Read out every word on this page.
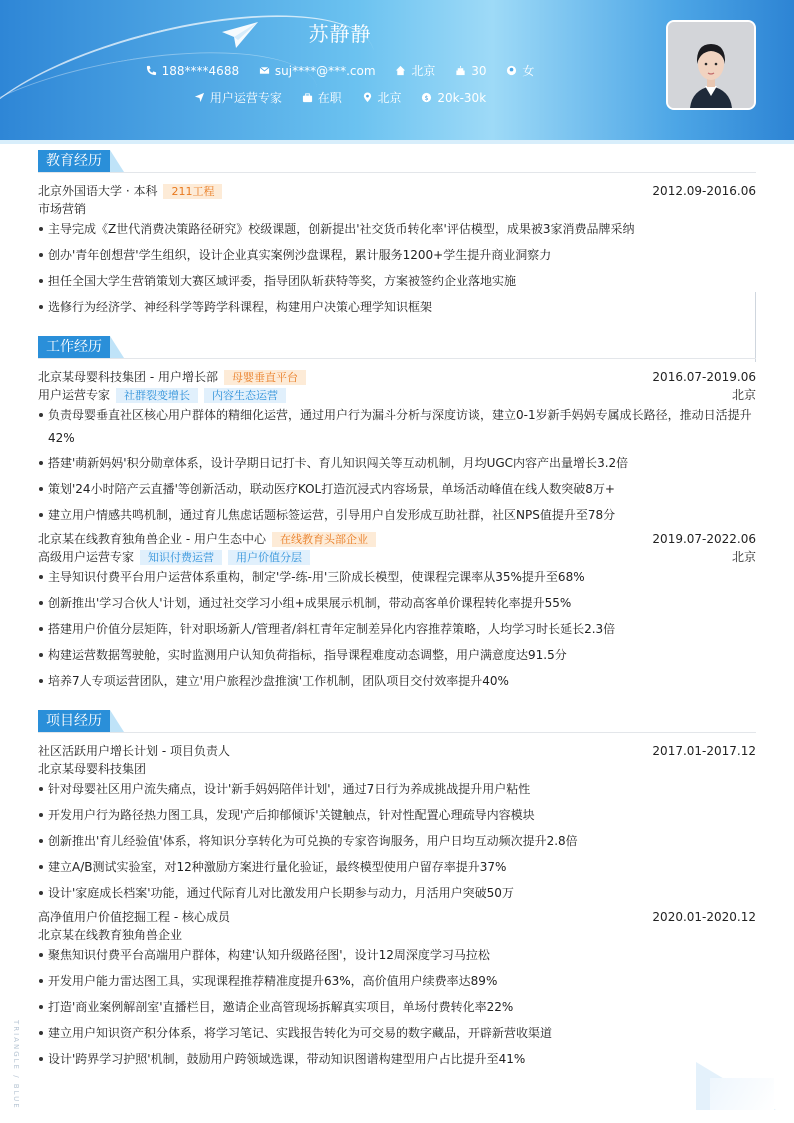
苏静静
188****4688	suj****@***.com	北京	30	女
用户运营专家	在职	北京	$ 20k-30k
教育经历
北京外国语大学 · 本科 211工程	2012.09-2016.06
市场营销
主导完成《Z世代消费决策路径研究》校级课题，创新提出'社交货币转化率'评估模型，成果被3家消费品牌采纳
创办'青年创想营'学生组织，设计企业真实案例沙盘课程，累计服务1200+学生提升商业洞察力
担任全国大学生营销策划大赛区域评委，指导团队斩获特等奖，方案被签约企业落地实施
选修行为经济学、神经科学等跨学科课程，构建用户决策心理学知识框架
工作经历
北京某母婴科技集团 - 用户增长部 母婴垂直平台	2016.07-2019.06
用户运营专家 社群裂变增长 内容生态运营	北京
负责母婴垂直社区核心用户群体的精细化运营，通过用户行为漏斗分析与深度访谈，建立0-1岁新手妈妈专属成长路径，推动日活提升
42%
搭建'萌新妈妈'积分勋章体系，设计孕期日记打卡、育儿知识闯关等互动机制，月均UGC内容产出量增长3.2倍
策划'24小时陪产云直播'等创新活动，联动医疗KOL打造沉浸式内容场景，单场活动峰值在线人数突破8万+
建立用户情感共鸣机制，通过育儿焦虑话题标签运营，引导用户自发形成互助社群，社区NPS值提升至78分
北京某在线教育独角兽企业 - 用户生态中心 在线教育头部企业	2019.07-2022.06
高级用户运营专家 知识付费运营 用户价值分层	北京
主导知识付费平台用户运营体系重构，制定'学-练-用'三阶成长模型，使课程完课率从35%提升至68%
创新推出'学习合伙人'计划，通过社交学习小组+成果展示机制，带动高客单价课程转化率提升55%
搭建用户价值分层矩阵，针对职场新人/管理者/斜杠青年定制差异化内容推荐策略，人均学习时长延长2.3倍
构建运营数据驾驶舱，实时监测用户认知负荷指标，指导课程难度动态调整，用户满意度达91.5分
培养7人专项运营团队，建立'用户旅程沙盘推演'工作机制，团队项目交付效率提升40%
项目经历
社区活跃用户增长计划 - 项目负责人	2017.01-2017.12
北京某母婴科技集团
针对母婴社区用户流失痛点，设计'新手妈妈陪伴计划'，通过7日行为养成挑战提升用户粘性
开发用户行为路径热力图工具，发现'产后抑郁倾诉'关键触点，针对性配置心理疏导内容模块
创新推出'育儿经验值'体系，将知识分享转化为可兑换的专家咨询服务，用户日均互动频次提升2.8倍
建立A/B测试实验室，对12种激励方案进行量化验证，最终模型使用户留存率提升37%
设计'家庭成长档案'功能，通过代际育儿对比激发用户长期参与动力，月活用户突破50万
高净值用户价值挖掘工程 - 核心成员	2020.01-2020.12
北京某在线教育独角兽企业
聚焦知识付费平台高端用户群体，构建'认知升级路径图'，设计12周深度学习马拉松
开发用户能力雷达图工具，实现课程推荐精准度提升63%，高价值用户续费率达89%
打造'商业案例解剖室'直播栏目，邀请企业高管现场拆解真实项目，单场付费转化率22%
建立用户知识资产积分体系，将学习笔记、实践报告转化为可交易的数字藏品，开辟新营收渠道
设计'跨界学习护照'机制，鼓励用户跨领域选课，带动知识图谱构建型用户占比提升至41%
TRIANGLE / BLUE
